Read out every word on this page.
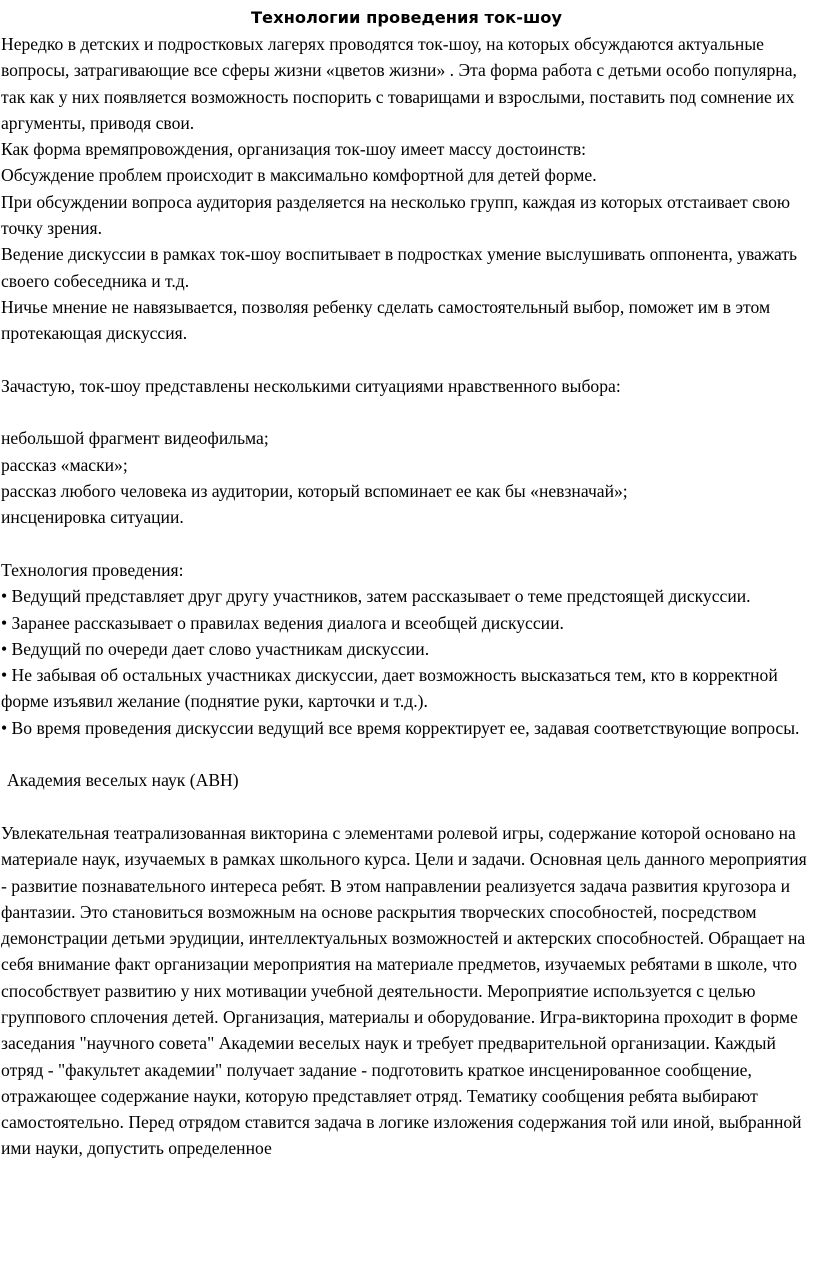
Технологии проведения ток-шоу
Нередко в детских и подростковых лагерях проводятся ток-шоу, на которых обсуждаются актуальные вопросы, затрагивающие все сферы жизни «цветов жизни» . Эта форма работа с детьми особо популярна, так как у них появляется возможность поспорить с товарищами и взрослыми, поставить под сомнение их аргументы, приводя свои.
Как форма времяпровождения, организация ток-шоу имеет массу достоинств:
Обсуждение проблем происходит в максимально комфортной для детей форме.
При обсуждении вопроса аудитория разделяется на несколько групп, каждая из которых отстаивает свою точку зрения.
Ведение дискуссии в рамках ток-шоу воспитывает в подростках умение выслушивать оппонента, уважать своего собеседника и т.д.
Ничье мнение не навязывается, позволяя ребенку сделать самостоятельный выбор, поможет им в этом протекающая дискуссия.
Зачастую, ток-шоу представлены несколькими ситуациями нравственного выбора:
небольшой фрагмент видеофильма;
рассказ «маски»;
рассказ любого человека из аудитории, который вспоминает ее как бы «невзначай»;
инсценировка ситуации.
Технология проведения:
• Ведущий представляет друг другу участников, затем рассказывает о теме предстоящей дискуссии.
• Заранее рассказывает о правилах ведения диалога и всеобщей дискуссии.
• Ведущий по очереди дает слово участникам дискуссии.
• Не забывая об остальных участниках дискуссии, дает возможность высказаться тем, кто в корректной форме изъявил желание (поднятие руки, карточки и т.д.).
• Во время проведения дискуссии ведущий все время корректирует ее, задавая соответствующие вопросы.
Академия веселых наук (АВН)
Увлекательная театрализованная викторина с элементами ролевой игры, содержание которой основано на материале наук, изучаемых в рамках школьного курса. Цели и задачи. Основная цель данного мероприятия - развитие познавательного интереса ребят. В этом направлении реализуется задача развития кругозора и фантазии. Это становиться возможным на основе раскрытия творческих способностей, посредством демонстрации детьми эрудиции, интеллектуальных возможностей и актерских способностей. Обращает на себя внимание факт организации мероприятия на материале предметов, изучаемых ребятами в школе, что способствует развитию у них мотивации учебной деятельности. Мероприятие используется с целью группового сплочения детей. Организация, материалы и оборудование. Игра-викторина проходит в форме заседания "научного совета" Академии веселых наук и требует предварительной организации. Каждый отряд - "факультет академии" получает задание - подготовить краткое инсценированное сообщение, отражающее содержание науки, которую представляет отряд. Тематику сообщения ребята выбирают самостоятельно. Перед отрядом ставится задача в логике изложения содержания той или иной, выбранной ими науки, допустить определенное
